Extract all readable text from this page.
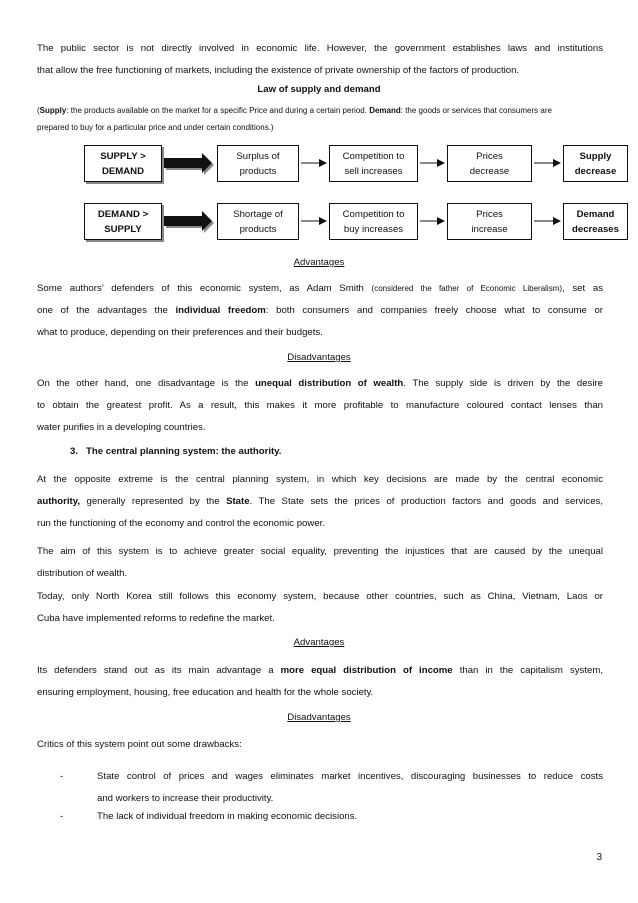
The public sector is not directly involved in economic life. However, the government establishes laws and institutions
that allow the free functioning of markets, including the existence of private ownership of the factors of production.
Law of supply and demand
(Supply: the products available on the market for a specific Price and during a certain period. Demand: the goods or services that consumers are
prepared to buy for a particular price and under certain conditions.)
SUPPLY >
DEMAND
Surplus of
products
Competition to
sell increases
Prices
decrease
Supply
decrease
DEMAND >
SUPPLY
Shortage of
products
Competition to
buy increases
Prices
increase
Demand
decreases
Advantages
Some authors’ defenders of this economic system, as Adam Smith (considered the father of Economic Liberalism), set as
one of the advantages the individual freedom: both consumers and companies freely choose what to consume or
what to produce, depending on their preferences and their budgets.
Disadvantages
On the other hand, one disadvantage is the unequal distribution of wealth. The supply side is driven by the desire
to obtain the greatest profit. As a result, this makes it more profitable to manufacture coloured contact lenses than
water purifies in a developing countries.
3. The central planning system: the authority.
At the opposite extreme is the central planning system, in which key decisions are made by the central economic
authority, generally represented by the State. The State sets the prices of production factors and goods and services,
run the functioning of the economy and control the economic power.
The aim of this system is to achieve greater social equality, preventing the injustices that are caused by the unequal
distribution of wealth.
Today, only North Korea still follows this economy system, because other countries, such as China, Vietnam, Laos or
Cuba have implemented reforms to redefine the market.
Advantages
Its defenders stand out as its main advantage a more equal distribution of income than in the capitalism system,
ensuring employment, housing, free education and health for the whole society.
Disadvantages
Critics of this system point out some drawbacks:
-	State control of prices and wages eliminates market incentives, discouraging businesses to reduce costs
and workers to increase their productivity.
-	The lack of individual freedom in making economic decisions.
3
